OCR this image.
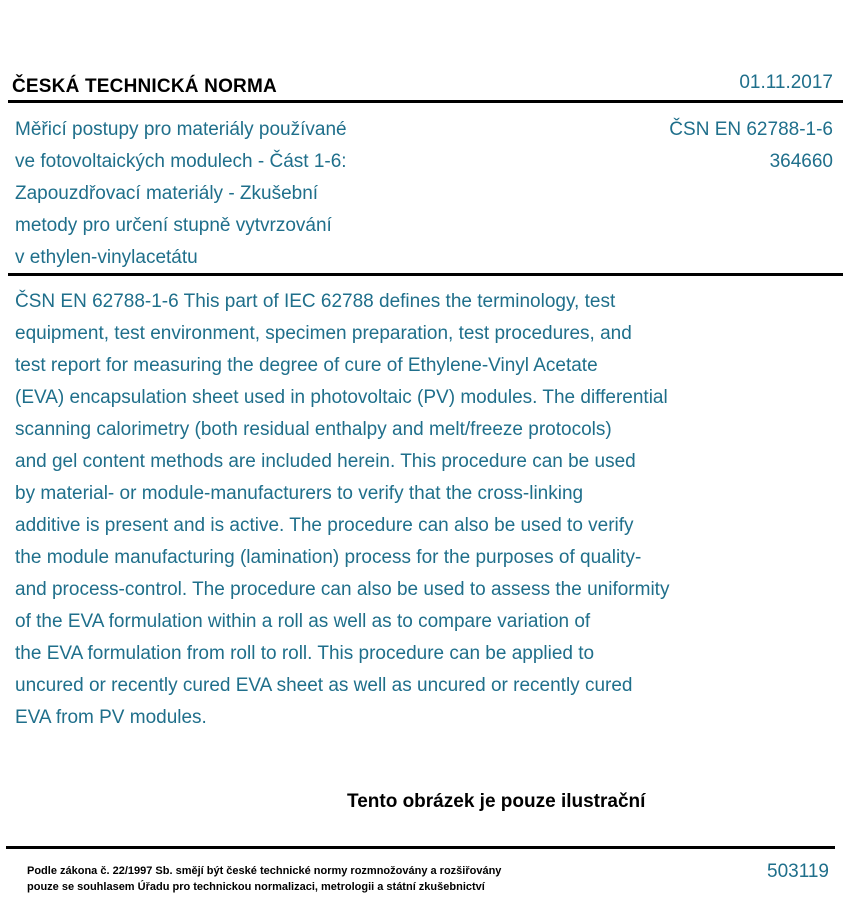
ČESKÁ TECHNICKÁ NORMA	01.11.2017
Měřicí postupy pro materiály používané
ve fotovoltaických modulech - Část 1-6:
Zapouzdřovací materiály - Zkušební
metody pro určení stupně vytvrzování
v ethylen-vinylacetátu
ČSN EN 62788-1-6
364660
ČSN EN 62788-1-6 This part of IEC 62788 defines the terminology, test
equipment, test environment, specimen preparation, test procedures, and
test report for measuring the degree of cure of Ethylene-Vinyl Acetate
(EVA) encapsulation sheet used in photovoltaic (PV) modules. The differential
scanning calorimetry (both residual enthalpy and melt/freeze protocols)
and gel content methods are included herein. This procedure can be used
by material- or module-manufacturers to verify that the cross-linking
additive is present and is active. The procedure can also be used to verify
the module manufacturing (lamination) process for the purposes of quality-
and process-control. The procedure can also be used to assess the uniformity
of the EVA formulation within a roll as well as to compare variation of
the EVA formulation from roll to roll. This procedure can be applied to
uncured or recently cured EVA sheet as well as uncured or recently cured
EVA from PV modules.
Tento obrázek je pouze ilustrační
Podle zákona č. 22/1997 Sb. smějí být české technické normy rozmnožovány a rozšiřovány
pouze se souhlasem Úřadu pro technickou normalizaci, metrologii a státní zkušebnictví
503119
